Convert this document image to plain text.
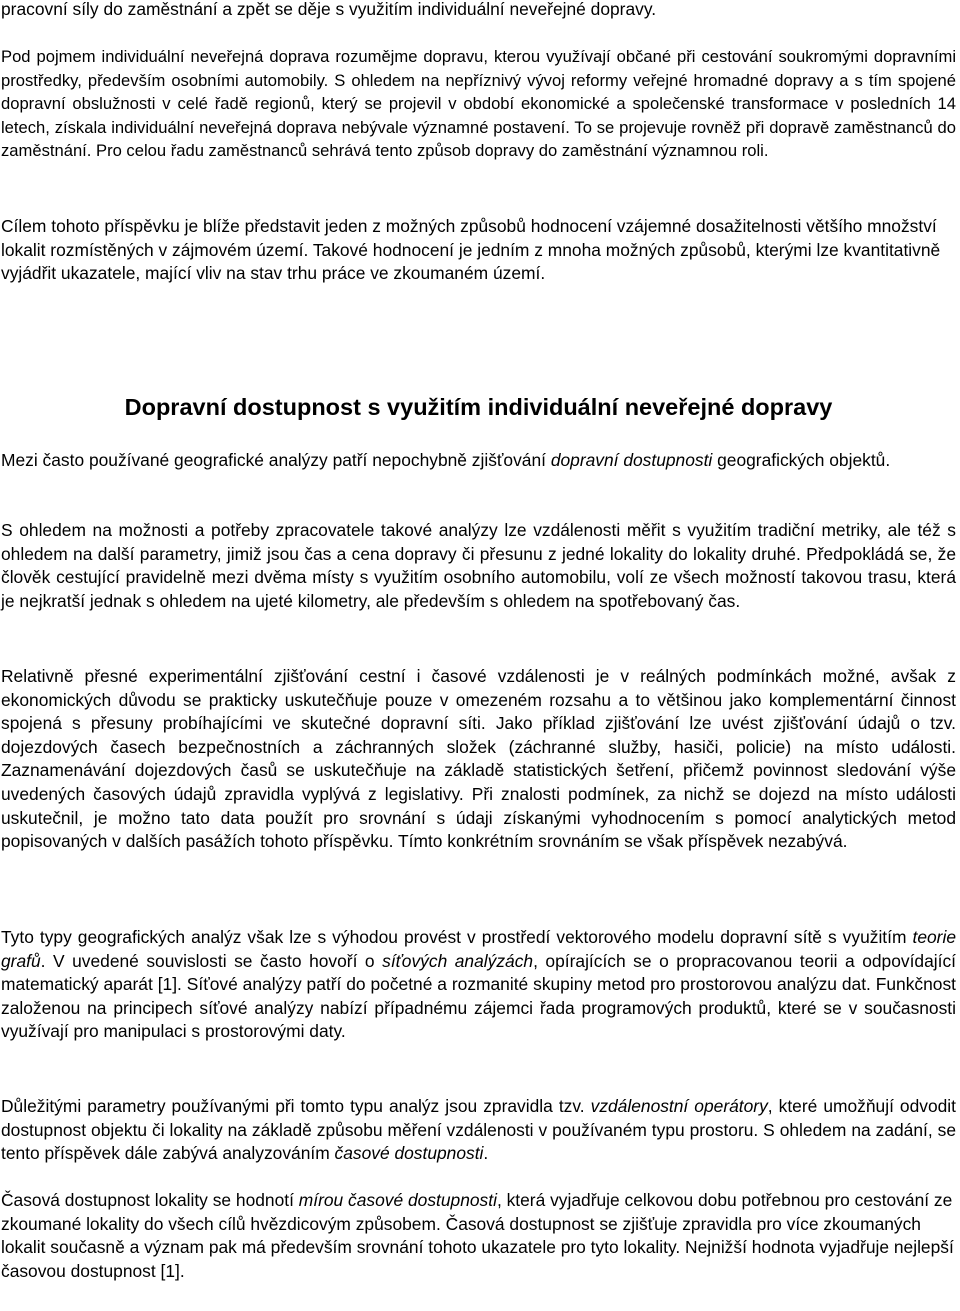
pracovní síly do zaměstnání a zpět se děje s využitím individuální neveřejné dopravy.

Pod pojmem individuální neveřejná doprava rozumějme dopravu, kterou využívají občané při cestování soukromými dopravními prostředky, především osobními automobily. S ohledem na nepříznivý vývoj reformy veřejné hromadné dopravy a s tím spojené dopravní obslužnosti v celé řadě regionů, který se projevil v období ekonomické a společenské transformace v posledních 14 letech, získala individuální neveřejná doprava nebývale významné postavení. To se projevuje rovněž při dopravě zaměstnanců do zaměstnání. Pro celou řadu zaměstnanců sehrává tento způsob dopravy do zaměstnání významnou roli.

Cílem tohoto příspěvku je blíže představit jeden z možných způsobů hodnocení vzájemné dosažitelnosti většího množství lokalit rozmístěných v zájmovém území. Takové hodnocení je jedním z mnoha možných způsobů, kterými lze kvantitativně vyjádřit ukazatele, mající vliv na stav trhu práce ve zkoumaném území.

Dopravní dostupnost s využitím individuální neveřejné dopravy

Mezi často používané geografické analýzy patří nepochybně zjišťování dopravní dostupnosti geografických objektů.

S ohledem na možnosti a potřeby zpracovatele takové analýzy lze vzdálenosti měřit s využitím tradiční metriky, ale též s ohledem na další parametry, jimiž jsou čas a cena dopravy či přesunu z jedné lokality do lokality druhé. Předpokládá se, že člověk cestující pravidelně mezi dvěma místy s využitím osobního automobilu, volí ze všech možností takovou trasu, která je nejkratší jednak s ohledem na ujeté kilometry, ale především s ohledem na spotřebovaný čas.

Relativně přesné experimentální zjišťování cestní i časové vzdálenosti je v reálných podmínkách možné, avšak z ekonomických důvodu se prakticky uskutečňuje pouze v omezeném rozsahu a to většinou jako komplementární činnost spojená s přesuny probíhajícími ve skutečné dopravní síti. Jako příklad zjišťování lze uvést zjišťování údajů o tzv. dojezdových časech bezpečnostních a záchranných složek (záchranné služby, hasiči, policie) na místo události. Zaznamenávání dojezdových časů se uskutečňuje na základě statistických šetření, přičemž povinnost sledování výše uvedených časových údajů zpravidla vyplývá z legislativy. Při znalosti podmínek, za nichž se dojezd na místo události uskutečnil, je možno tato data použít pro srovnání s údaji získanými vyhodnocením s pomocí analytických metod popisovaných v dalších pasážích tohoto příspěvku. Tímto konkrétním srovnáním se však příspěvek nezabývá.

Tyto typy geografických analýz však lze s výhodou provést v prostředí vektorového modelu dopravní sítě s využitím teorie grafů. V uvedené souvislosti se často hovoří o síťových analýzách, opírajících se o propracovanou teorii a odpovídající matematický aparát [1]. Síťové analýzy patří do početné a rozmanité skupiny metod pro prostorovou analýzu dat. Funkčnost založenou na principech síťové analýzy nabízí případnému zájemci řada programových produktů, které se v současnosti využívají pro manipulaci s prostorovými daty.

Důležitými parametry používanými při tomto typu analýz jsou zpravidla tzv. vzdálenostní operátory, které umožňují odvodit dostupnost objektu či lokality na základě způsobu měření vzdálenosti v používaném typu prostoru. S ohledem na zadání, se tento příspěvek dále zabývá analyzováním časové dostupnosti.

Časová dostupnost lokality se hodnotí mírou časové dostupnosti, která vyjadřuje celkovou dobu potřebnou pro cestování ze zkoumané lokality do všech cílů hvězdicovým způsobem. Časová dostupnost se zjišťuje zpravidla pro více zkoumaných lokalit současně a význam pak má především srovnání tohoto ukazatele pro tyto lokality. Nejnižší hodnota vyjadřuje nejlepší časovou dostupnost [1].
